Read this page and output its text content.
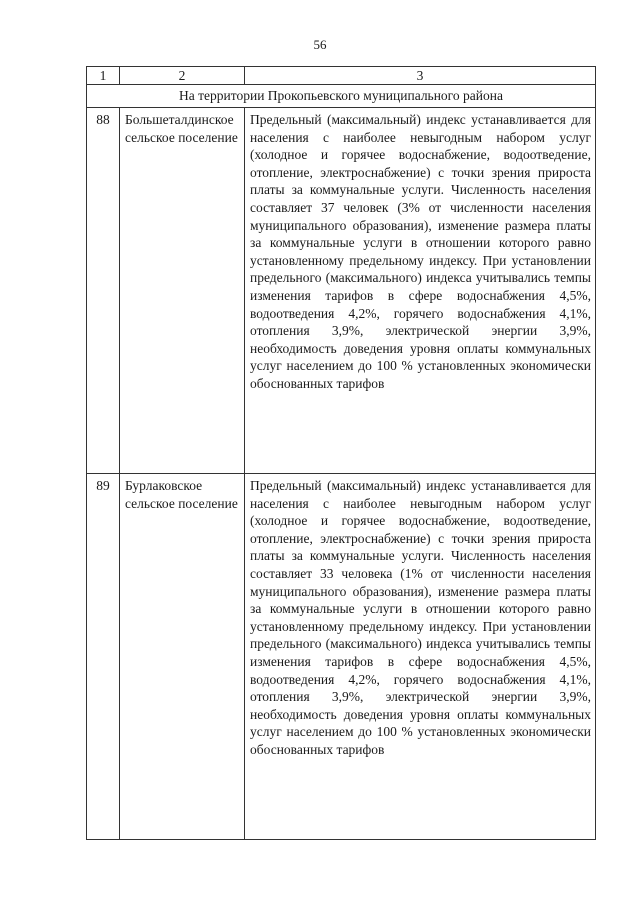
56
1	2	3
На территории Прокопьевского муниципального района		
88	Большеталдинское сельское поселение	Предельный (максимальный) индекс устанавливается для населения с наиболее невыгодным набором услуг (холодное и горячее водоснабжение, водоотведение, отопление, электроснабжение) с точки зрения прироста платы за коммунальные услуги. Численность населения составляет 37 человек (3% от численности населения муниципального образования), изменение размера платы за коммунальные услуги в отношении которого равно установленному предельному индексу. При установлении предельного (максимального) индекса учитывались темпы изменения тарифов в сфере водоснабжения 4,5%, водоотведения 4,2%, горячего водоснабжения 4,1%, отопления 3,9%, электрической энергии 3,9%, необходимость доведения уровня оплаты коммунальных услуг населением до 100 % установленных экономически обоснованных тарифов
89	Бурлаковское сельское поселение	Предельный (максимальный) индекс устанавливается для населения с наиболее невыгодным набором услуг (холодное и горячее водоснабжение, водоотведение, отопление, электроснабжение) с точки зрения прироста платы за коммунальные услуги. Численность населения составляет 33 человека (1% от численности населения муниципального образования), изменение размера платы за коммунальные услуги в отношении которого равно установленному предельному индексу. При установлении предельного (максимального) индекса учитывались темпы изменения тарифов в сфере водоснабжения 4,5%, водоотведения 4,2%, горячего водоснабжения 4,1%, отопления 3,9%, электрической энергии 3,9%, необходимость доведения уровня оплаты коммунальных услуг населением до 100 % установленных экономически обоснованных тарифов
